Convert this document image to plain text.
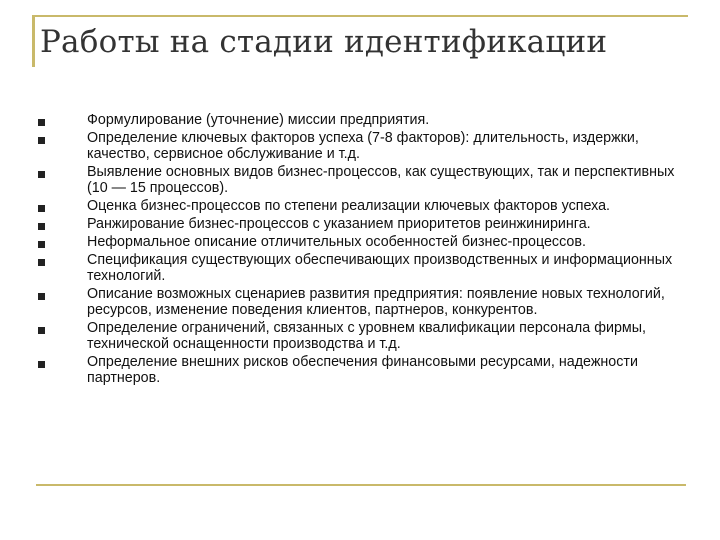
Работы на стадии идентификации
Формулирование (уточнение) миссии предприятия.
Определение ключевых факторов успеха (7-8 факторов): длительность, издержки, качество, сервисное обслуживание и т.д.
Выявление основных видов бизнес-процессов, как существующих, так и перспективных (10 — 15 процессов).
Оценка бизнес-процессов по степени реализации ключевых факторов успеха.
Ранжирование бизнес-процессов с указанием приоритетов реинжиниринга.
Неформальное описание отличительных особенностей бизнес-процессов.
Спецификация существующих обеспечивающих производственных и информационных технологий.
Описание возможных сценариев развития предприятия: появление новых технологий, ресурсов, изменение поведения клиентов, партнеров, конкурентов.
Определение ограничений, связанных с уровнем квалификации персонала фирмы, технической оснащенности производства и т.д.
Определение внешних рисков обеспечения финансовыми ресурсами, надежности партнеров.
